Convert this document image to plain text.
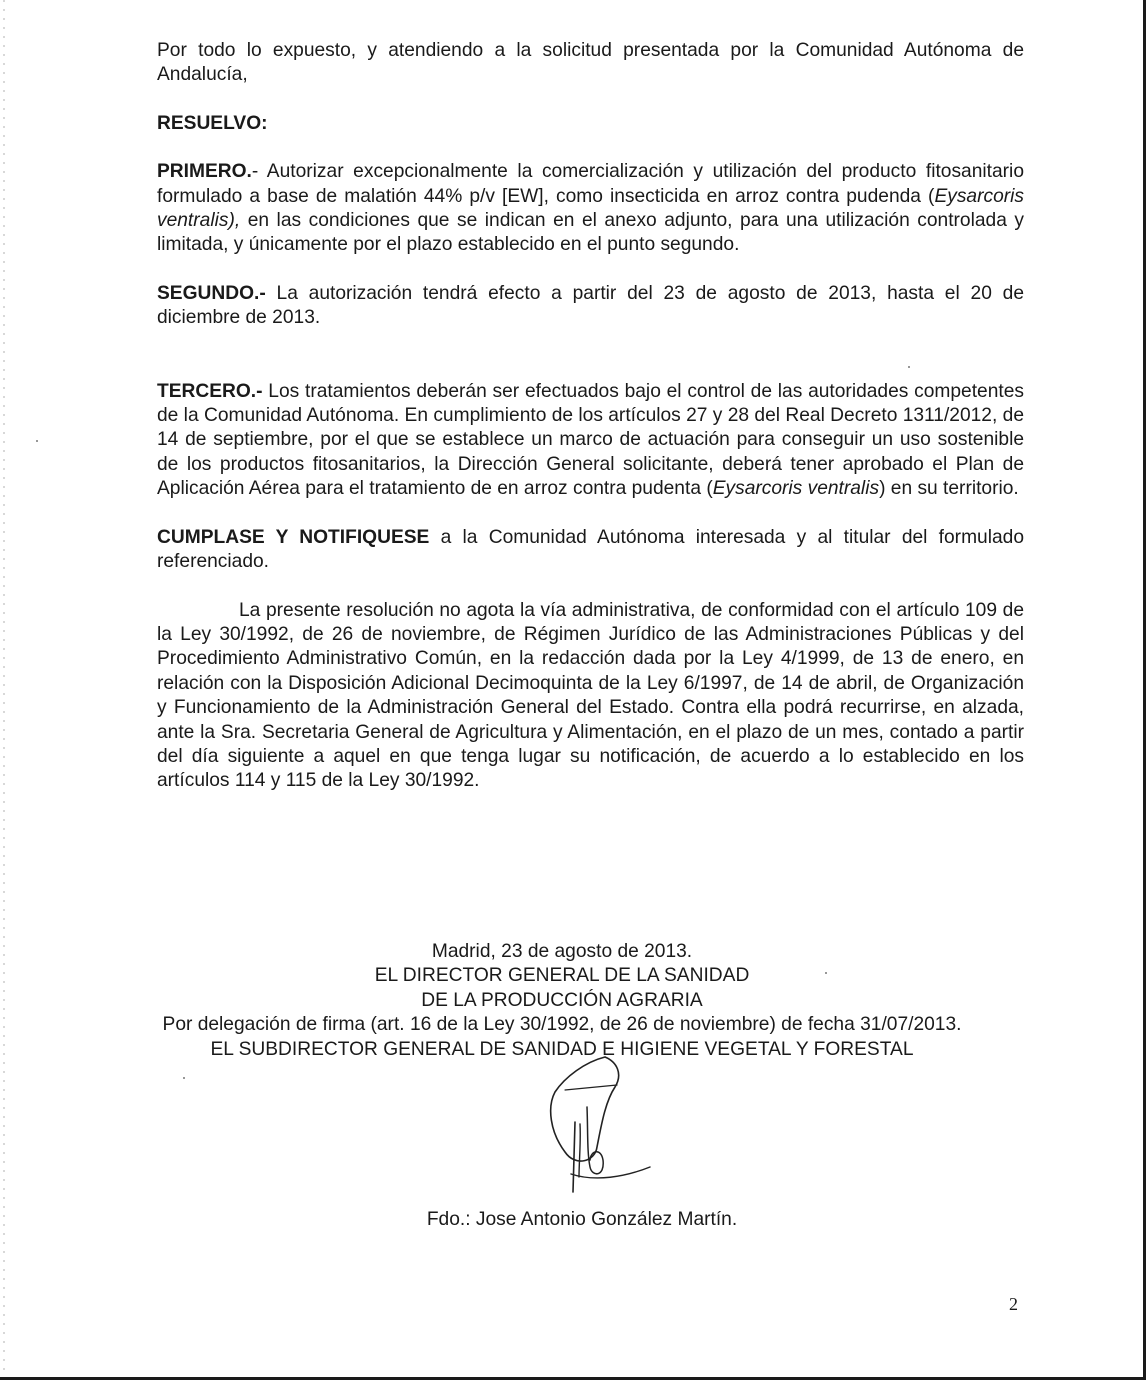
Por todo lo expuesto, y atendiendo a la solicitud presentada por la Comunidad Autónoma de Andalucía,

RESUELVO:

PRIMERO.- Autorizar excepcionalmente la comercialización y utilización del producto fitosanitario formulado a base de malatión 44% p/v [EW], como insecticida en arroz contra pudenda (Eysarcoris ventralis), en las condiciones que se indican en el anexo adjunto, para una utilización controlada y limitada, y únicamente por el plazo establecido en el punto segundo.

SEGUNDO.- La autorización tendrá efecto a partir del 23 de agosto de 2013, hasta el 20 de diciembre de 2013.

TERCERO.- Los tratamientos deberán ser efectuados bajo el control de las autoridades competentes de la Comunidad Autónoma. En cumplimiento de los artículos 27 y 28 del Real Decreto 1311/2012, de 14 de septiembre, por el que se establece un marco de actuación para conseguir un uso sostenible de los productos fitosanitarios, la Dirección General solicitante, deberá tener aprobado el Plan de Aplicación Aérea para el tratamiento de en arroz contra pudenta (Eysarcoris ventralis) en su territorio.

CUMPLASE Y NOTIFIQUESE a la Comunidad Autónoma interesada y al titular del formulado referenciado.

La presente resolución no agota la vía administrativa, de conformidad con el artículo 109 de la Ley 30/1992, de 26 de noviembre, de Régimen Jurídico de las Administraciones Públicas y del Procedimiento Administrativo Común, en la redacción dada por la Ley 4/1999, de 13 de enero, en relación con la Disposición Adicional Decimoquinta de la Ley 6/1997, de 14 de abril, de Organización y Funcionamiento de la Administración General del Estado. Contra ella podrá recurrirse, en alzada, ante la Sra. Secretaria General de Agricultura y Alimentación, en el plazo de un mes, contado a partir del día siguiente a aquel en que tenga lugar su notificación, de acuerdo a lo establecido en los artículos 114 y 115 de la Ley 30/1992.

Madrid, 23 de agosto de 2013.
EL DIRECTOR GENERAL DE LA SANIDAD
DE LA PRODUCCIÓN AGRARIA
Por delegación de firma (art. 16 de la Ley 30/1992, de 26 de noviembre) de fecha 31/07/2013.
EL SUBDIRECTOR GENERAL DE SANIDAD E HIGIENE VEGETAL Y FORESTAL
Fdo.: Jose Antonio González Martín.
2
